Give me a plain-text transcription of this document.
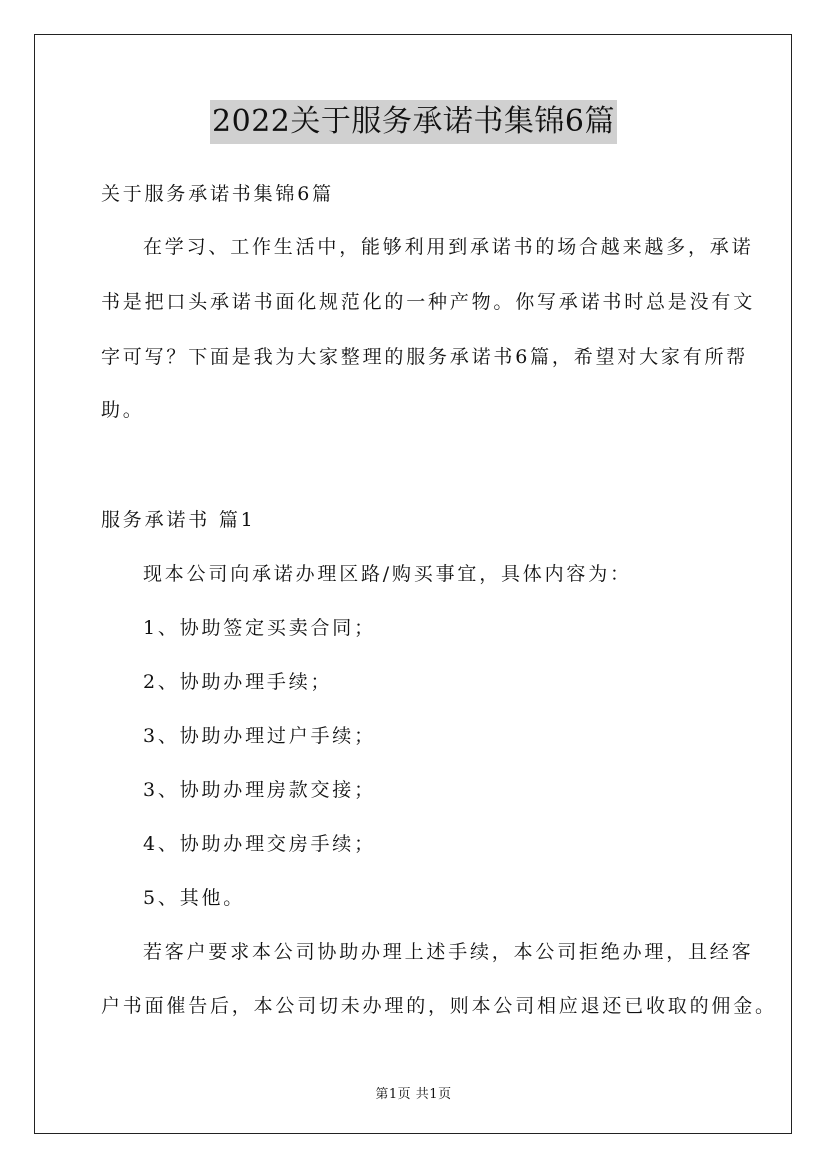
2022关于服务承诺书集锦6篇
关于服务承诺书集锦6篇
在学习、工作生活中，能够利用到承诺书的场合越来越多，承诺
书是把口头承诺书面化规范化的一种产物。你写承诺书时总是没有文
字可写？下面是我为大家整理的服务承诺书6篇，希望对大家有所帮
助。
服务承诺书 篇1
现本公司向承诺办理区路/购买事宜，具体内容为：
1、协助签定买卖合同；
2、协助办理手续；
3、协助办理过户手续；
3、协助办理房款交接；
4、协助办理交房手续；
5、其他。
若客户要求本公司协助办理上述手续，本公司拒绝办理，且经客
户书面催告后，本公司切未办理的，则本公司相应退还已收取的佣金。
第1页 共1页
